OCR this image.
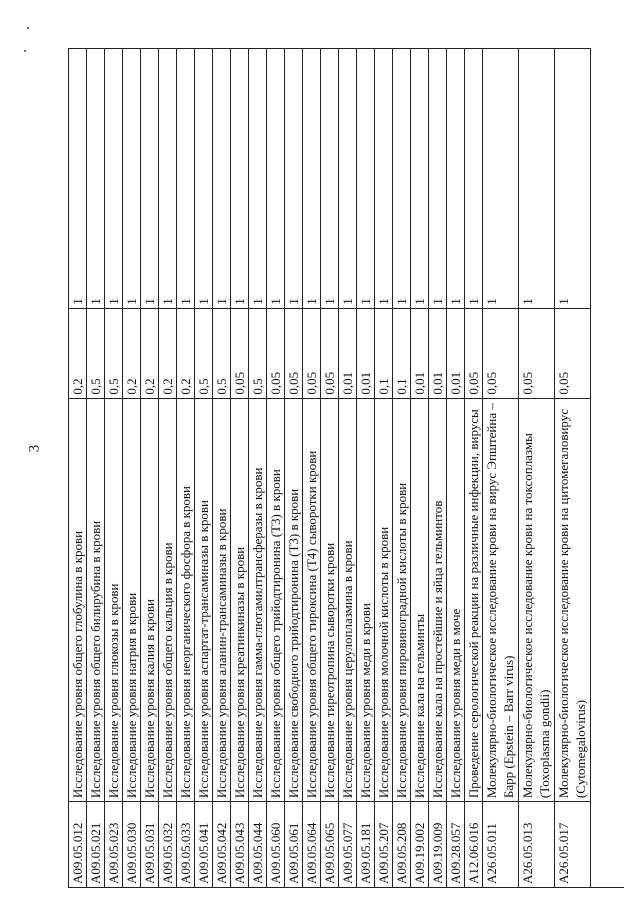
3
A09.05.012
Исследование уровня общего глобулина в крови
0,2
1
A09.05.021
Исследование уровня общего билирубина в крови
0,5
1
A09.05.023
Исследование уровня глюкозы в крови
0,5
1
A09.05.030
Исследование уровня натрия в крови
0,2
1
A09.05.031
Исследование уровня калия в крови
0,2
1
A09.05.032
Исследование уровня общего кальция в крови
0,2
1
A09.05.033
Исследование уровня неорганического фосфора в крови
0,2
1
A09.05.041
Исследование уровня аспартат-трансаминазы в крови
0,5
1
A09.05.042
Исследование уровня аланин-трансаминазы в крови
0,5
1
A09.05.043
Исследование уровня креатинкиназы в крови
0,05
1
A09.05.044
Исследование уровня гамма-глютамилтрансферазы в крови
0,5
1
A09.05.060
Исследование уровня общего трийодтиронина (Т3) в крови
0,05
1
A09.05.061
Исследование свободного трийодтиронина (Т3) в крови
0,05
1
A09.05.064
Исследование уровня общего тироксина (Т4) сыворотки крови
0,05
1
A09.05.065
Исследование тиреотропина сыворотки крови
0,05
1
A09.05.077
Исследование уровня церулоплазмина в крови
0,01
1
A09.05.181
Исследование уровня меди в крови
0,01
1
A09.05.207
Исследование уровня молочной кислоты в крови
0,1
1
A09.05.208
Исследование уровня пировиноградной кислоты в крови
0,1
1
A09.19.002
Исследование кала на гельминты
0,01
1
A09.19.009
Исследование кала на простейшие и яйца гельминтов
0,01
1
A09.28.057
Исследование уровня меди в моче
0,01
1
A12.06.016
Проведение серологической реакции на различные инфекции, вирусы
0,05
1
A26.05.011
Молекулярно-биологическое исследование крови на вирус Эпштейна – Барр (Epstein – Barr virus)
0,05
1
A26.05.013
Молекулярно-биологическое исследование крови на токсоплазмы (Toxoplasma gondii)
0,05
1
A26.05.017
Молекулярно-биологическое исследование крови на цитомегаловирус (Cytomegalovirus)
0,05
1
